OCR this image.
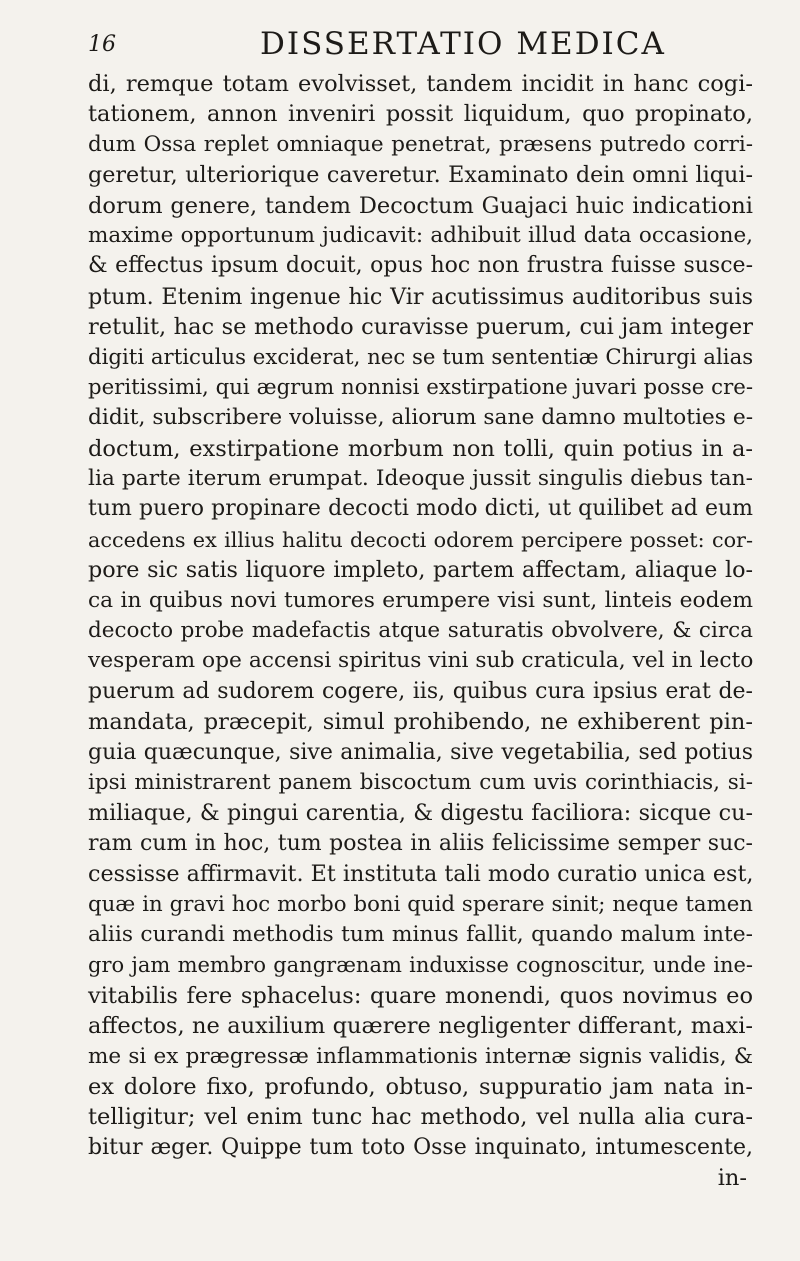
16	DISSERTATIO MEDICA
di, remque totam evolvisset, tandem incidit in hanc cogi-
tationem, annon inveniri possit liquidum, quo propinato,
dum Ossa replet omniaque penetrat, præsens putredo corri-
geretur, ulteriorique caveretur. Examinato dein omni liqui-
dorum genere, tandem Decoctum Guajaci huic indicationi
maxime opportunum judicavit: adhibuit illud data occasione,
& effectus ipsum docuit, opus hoc non frustra fuisse susce-
ptum. Etenim ingenue hic Vir acutissimus auditoribus suis
retulit, hac se methodo curavisse puerum, cui jam integer
digiti articulus exciderat, nec se tum sententiæ Chirurgi alias
peritissimi, qui ægrum nonnisi exstirpatione juvari posse cre-
didit, subscribere voluisse, aliorum sane damno multoties e-
doctum, exstirpatione morbum non tolli, quin potius in a-
lia parte iterum erumpat. Ideoque jussit singulis diebus tan-
tum puero propinare decocti modo dicti, ut quilibet ad eum
accedens ex illius halitu decocti odorem percipere posset: cor-
pore sic satis liquore impleto, partem affectam, aliaque lo-
ca in quibus novi tumores erumpere visi sunt, linteis eodem
decocto probe madefactis atque saturatis obvolvere, & circa
vesperam ope accensi spiritus vini sub craticula, vel in lecto
puerum ad sudorem cogere, iis, quibus cura ipsius erat de-
mandata, præcepit, simul prohibendo, ne exhiberent pin-
guia quæcunque, sive animalia, sive vegetabilia, sed potius
ipsi ministrarent panem biscoctum cum uvis corinthiacis, si-
miliaque, & pingui carentia, & digestu faciliora: sicque cu-
ram cum in hoc, tum postea in aliis felicissime semper suc-
cessisse affirmavit. Et instituta tali modo curatio unica est,
quæ in gravi hoc morbo boni quid sperare sinit; neque tamen
aliis curandi methodis tum minus fallit, quando malum inte-
gro jam membro gangrænam induxisse cognoscitur, unde ine-
vitabilis fere sphacelus: quare monendi, quos novimus eo
affectos, ne auxilium quærere negligenter differant, maxi-
me si ex prægressæ inflammationis internæ signis validis, &
ex dolore fixo, profundo, obtuso, suppuratio jam nata in-
telligitur; vel enim tunc hac methodo, vel nulla alia cura-
bitur æger. Quippe tum toto Osse inquinato, intumescente,
in-
